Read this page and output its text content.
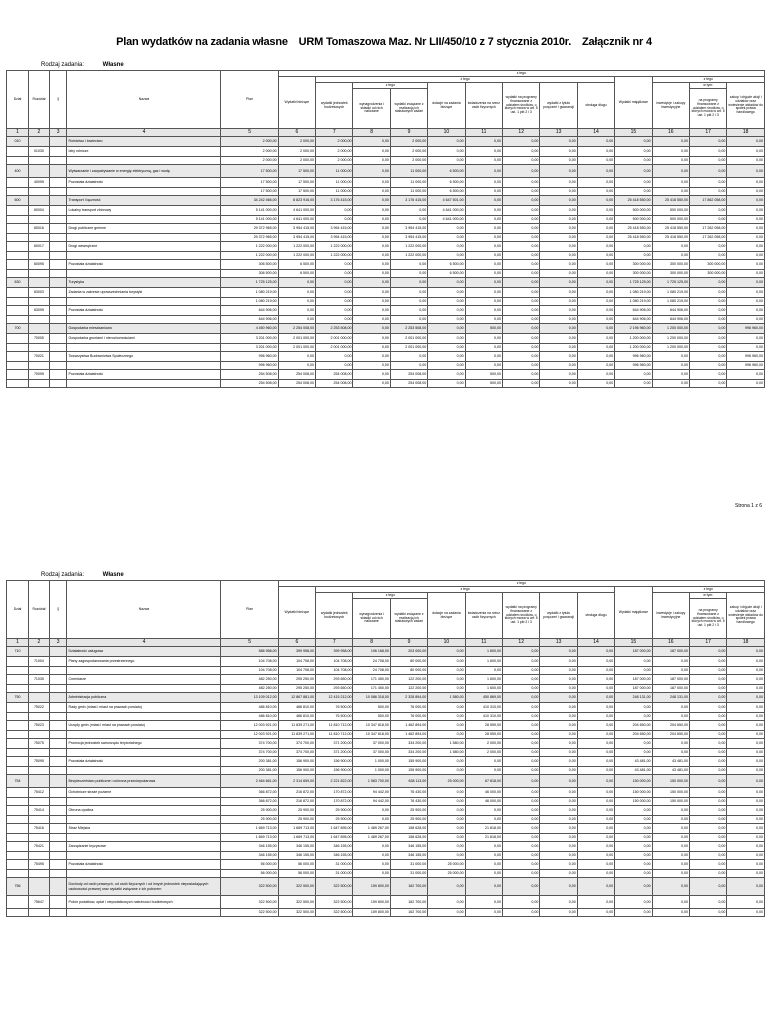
Plan wydatków na zadania własne URM Tomaszowa Maz. Nr LII/450/10 z 7 stycznia 2010r. Załącznik nr 4
Rodzaj zadania:	Własne
Dział	Rozdział	§	Nazwa	Plan	z tego												
					Wydatki bieżące	z tego								Wydatki majątkowe	z tego		
						wydatki jednostek budżetowych	z tego		dotacje na zadania bieżące	świadczenia na rzecz osób fizycznych	wydatki na programy finansowane z udziałem środków, o których mowa w art. 5 ust. 1 pkt 2 i 3	wydatki z tytułu poręczeń i gwarancji	obsługa długu		inwestycje i zakupy inwestycyjne	w tym:	zakup i objęcie akcji i udziałów oraz wniesienie wkładów do spółek prawa handlowego
							wynagrodzenia i składki od nich naliczane	wydatki związane z realizacją ich statutowych zadań								na programy finansowane z udziałem środków, o których mowa w art. 5 ust. 1 pkt 2 i 3	
1	2	3	4	5	6	7	8	9	10	11	12	13	14	15	16	17	18
010			Rolnictwo i łowiectwo	2 000,00	2 000,00	2 000,00	0,00	2 000,00	0,00	0,00	0,00	0,00	0,00	0,00	0,00	0,00	0,00
	01030		Izby rolnicze	2 000,00	2 000,00	2 000,00	0,00	2 000,00	0,00	0,00	0,00	0,00	0,00	0,00	0,00	0,00	0,00
				2 000,00	2 000,00	2 000,00	0,00	2 000,00	0,00	0,00	0,00	0,00	0,00	0,00	0,00	0,00	0,00
400			Wytwarzanie i zaopatrywanie w energię elektryczną, gaz i wodę	17 500,00	17 500,00	11 000,00	0,00	11 000,00	6 500,00	0,00	0,00	0,00	0,00	0,00	0,00	0,00	0,00
	40095		Pozostała działalność	17 500,00	17 500,00	11 000,00	0,00	11 000,00	6 500,00	0,00	0,00	0,00	0,00	0,00	0,00	0,00	0,00
				17 500,00	17 500,00	11 000,00	0,00	11 000,00	6 500,00	0,00	0,00	0,00	0,00	0,00	0,00	0,00	0,00
600			Transport i łączność	34 242 466,00	8 823 916,00	3 176 415,00	0,00	3 176 415,00	4 647 501,00	0,00	0,00	0,00	0,00	25 418 550,00	25 418 550,00	17 862 058,00	0,00
	60004		Lokalny transport zbiorowy	5 141 000,00	4 641 000,00	0,00	0,00	0,00	4 641 000,00	0,00	0,00	0,00	0,00	500 000,00	500 000,00	0,00	0,00
				5 141 000,00	4 641 000,00	0,00	0,00	0,00	4 641 000,00	0,00	0,00	0,00	0,00	500 000,00	500 000,00	0,00	0,00
	60016		Drogi publiczne gminne	29 372 965,00	3 954 415,00	3 954 415,00	0,00	3 954 415,00	0,00	0,00	0,00	0,00	0,00	25 418 550,00	25 418 550,00	17 262 058,00	0,00
				29 372 965,00	3 954 415,00	3 954 415,00	0,00	3 954 415,00	0,00	0,00	0,00	0,00	0,00	25 418 550,00	25 418 550,00	17 262 058,00	0,00
	60017		Drogi wewnętrzne	1 222 000,00	1 222 000,00	1 222 000,00	0,00	1 222 000,00	0,00	0,00	0,00	0,00	0,00	0,00	0,00	0,00	0,00
				1 222 000,00	1 222 000,00	1 222 000,00	0,00	1 222 000,00	0,00	0,00	0,00	0,00	0,00	0,00	0,00	0,00	0,00
	60095		Pozostała działalność	306 500,00	6 500,00	0,00	0,00	0,00	6 500,00	0,00	0,00	0,00	0,00	300 000,00	300 000,00	300 000,00	0,00
				306 500,00	6 500,00	0,00	0,00	0,00	6 500,00	0,00	0,00	0,00	0,00	300 000,00	300 000,00	300 000,00	0,00
630			Turystyka	1 725 125,00	0,00	0,00	0,00	0,00	0,00	0,00	0,00	0,00	0,00	1 725 125,00	1 725 125,00	0,00	0,00
	63003		Zadania w zakresie upowszechniania turystyki	1 080 219,00	0,00	0,00	0,00	0,00	0,00	0,00	0,00	0,00	0,00	1 080 219,00	1 080 219,00	0,00	0,00
				1 080 219,00	0,00	0,00	0,00	0,00	0,00	0,00	0,00	0,00	0,00	1 080 219,00	1 080 219,00	0,00	0,00
	63095		Pozostała działalność	644 906,00	0,00	0,00	0,00	0,00	0,00	0,00	0,00	0,00	0,00	644 906,00	644 906,00	0,00	0,00
				644 906,00	0,00	0,00	0,00	0,00	0,00	0,00	0,00	0,00	0,00	644 906,00	644 906,00	0,00	0,00
700			Gospodarka mieszkaniowa	4 450 960,00	2 254 008,00	2 253 508,00	0,00	2 253 508,00	0,00	500,00	0,00	0,00	0,00	2 196 960,00	1 200 000,00	0,00	996 960,00
	70005		Gospodarka gruntami i nieruchomościami	3 201 000,00	2 001 000,00	2 001 000,00	0,00	2 001 000,00	0,00	0,00	0,00	0,00	0,00	1 200 000,00	1 200 000,00	0,00	0,00
				3 201 000,00	2 001 000,00	2 001 000,00	0,00	2 001 000,00	0,00	0,00	0,00	0,00	0,00	1 200 000,00	1 200 000,00	0,00	0,00
	70021		Towarzystwa Budownictwa Społecznego	996 960,00	0,00	0,00	0,00	0,00	0,00	0,00	0,00	0,00	0,00	996 960,00	0,00	0,00	996 960,00
				996 960,00	0,00	0,00	0,00	0,00	0,00	0,00	0,00	0,00	0,00	996 960,00	0,00	0,00	996 960,00
	70095		Pozostała działalność	254 508,00	254 008,00	254 008,00	0,00	254 008,00	0,00	500,00	0,00	0,00	0,00	0,00	0,00	0,00	0,00
				254 508,00	254 008,00	254 008,00	0,00	254 008,00	0,00	500,00	0,00	0,00	0,00	0,00	0,00	0,00	0,00
Strona 1 z 6
Rodzaj zadania:	Własne
Dział	Rozdział	§	Nazwa	Plan	z tego												
					Wydatki bieżące	z tego								Wydatki majątkowe	z tego		
						wydatki jednostek budżetowych	z tego		dotacje na zadania bieżące	świadczenia na rzecz osób fizycznych	wydatki na programy finansowane z udziałem środków, o których mowa w art. 5 ust. 1 pkt 2 i 3	wydatki z tytułu poręczeń i gwarancji	obsługa długu		inwestycje i zakupy inwestycyjne	w tym:	zakup i objęcie akcji i udziałów oraz wniesienie wkładów do spółek prawa handlowego
							wynagrodzenia i składki od nich naliczane	wydatki związane z realizacją ich statutowych zadań								na programy finansowane z udziałem środków, o których mowa w art. 5 ust. 1 pkt 2 i 3	
1	2	3	4	5	6	7	8	9	10	11	12	13	14	15	16	17	18
710			Działalność usługowa	586 958,00	399 958,00	399 958,00	196 168,00	203 000,00	0,00	1 600,00	0,00	0,00	0,00	187 000,00	187 000,00	0,00	0,00
	71004		Plany zagospodarowania przestrzennego	104 708,00	104 708,00	104 708,00	24 708,00	80 000,00	0,00	1 600,00	0,00	0,00	0,00	0,00	0,00	0,00	0,00
				104 708,00	104 708,00	104 708,00	24 708,00	80 000,00	0,00	0,00	0,00	0,00	0,00	0,00	0,00	0,00	0,00
	71035		Cmentarze	482 250,00	295 250,00	293 650,00	171 450,00	122 200,00	0,00	1 600,00	0,00	0,00	0,00	187 000,00	187 000,00	0,00	0,00
				482 250,00	295 250,00	293 650,00	171 450,00	122 200,00	0,00	1 600,00	0,00	0,00	0,00	187 000,00	187 000,00	0,00	0,00
750			Administracja publiczna	13 109 012,00	12 867 881,00	12 415 212,00	10 086 318,00	2 328 894,00	1 580,00	450 869,00	0,00	0,00	0,00	248 131,00	248 131,00	0,00	0,00
	75022		Rady gmin (miast i miast na prawach powiatu)	486 810,00	486 810,00	76 500,00	500,00	76 000,00	0,00	410 310,00	0,00	0,00	0,00	0,00	0,00	0,00	0,00
				486 810,00	486 810,00	76 500,00	500,00	76 000,00	0,00	410 310,00	0,00	0,00	0,00	0,00	0,00	0,00	0,00
	75023		Urzędy gmin (miast i miast na prawach powiatu)	12 003 921,00	11 839 271,00	11 810 712,00	10 347 818,00	1 462 894,00	0,00	28 559,00	0,00	0,00	0,00	204 650,00	204 650,00	0,00	0,00
				12 003 921,00	11 839 271,00	11 810 712,00	10 347 818,00	1 462 894,00	0,00	28 559,00	0,00	0,00	0,00	204 650,00	204 650,00	0,00	0,00
	75075		Promocja jednostek samorządu terytorialnego	374 700,00	374 700,00	371 200,00	37 000,00	334 200,00	1 580,00	2 000,00	0,00	0,00	0,00	0,00	0,00	0,00	0,00
				374 700,00	374 700,00	371 200,00	37 000,00	334 200,00	1 580,00	2 000,00	0,00	0,00	0,00	0,00	0,00	0,00	0,00
	75095		Pozostała działalność	200 381,00	156 900,00	156 900,00	1 000,00	155 900,00	0,00	0,00	0,00	0,00	0,00	43 481,00	43 481,00	0,00	0,00
				200 381,00	156 900,00	156 900,00	1 000,00	155 900,00	0,00	0,00	0,00	0,00	0,00	43 481,00	43 481,00	0,00	0,00
754			Bezpieczeństwo publiczne i ochrona przeciwpożarowa	2 464 661,00	2 314 659,00	2 221 822,00	1 583 700,00	638 113,00	25 000,00	67 818,00	0,00	0,00	0,00	150 000,00	150 000,00	0,00	0,00
	75412		Ochotnicze straże pożarne	366 872,00	216 872,00	170 872,00	94 442,00	76 430,00	0,00	46 000,00	0,00	0,00	0,00	150 000,00	150 000,00	0,00	0,00
				366 872,00	216 872,00	170 872,00	94 442,00	76 430,00	0,00	46 000,00	0,00	0,00	0,00	150 000,00	150 000,00	0,00	0,00
	75414		Obrona cywilna	25 900,00	25 900,00	25 900,00	0,00	25 900,00	0,00	0,00	0,00	0,00	0,00	0,00	0,00	0,00	0,00
				25 900,00	25 900,00	25 900,00	0,00	25 900,00	0,00	0,00	0,00	0,00	0,00	0,00	0,00	0,00	0,00
	75416		Straż Miejska	1 669 713,00	1 669 713,00	1 647 895,00	1 489 267,00	158 628,00	0,00	21 818,00	0,00	0,00	0,00	0,00	0,00	0,00	0,00
				1 669 713,00	1 669 713,00	1 647 895,00	1 489 267,00	158 628,00	0,00	21 818,00	0,00	0,00	0,00	0,00	0,00	0,00	0,00
	75421		Zarządzanie kryzysowe	346 155,00	346 155,00	346 155,00	0,00	346 155,00	0,00	0,00	0,00	0,00	0,00	0,00	0,00	0,00	0,00
				346 155,00	346 155,00	346 155,00	0,00	346 155,00	0,00	0,00	0,00	0,00	0,00	0,00	0,00	0,00	0,00
	75495		Pozostała działalność	56 000,00	56 000,00	31 000,00	0,00	31 000,00	25 000,00	0,00	0,00	0,00	0,00	0,00	0,00	0,00	0,00
				56 000,00	56 000,00	31 000,00	0,00	31 000,00	25 000,00	0,00	0,00	0,00	0,00	0,00	0,00	0,00	0,00
756			Dochody od osób prawnych, od osób fizycznych i od innych jednostek nieposiadających osobowości prawnej oraz wydatki związane z ich poborem	322 500,00	322 500,00	322 500,00	159 800,00	162 700,00	0,00	0,00	0,00	0,00	0,00	0,00	0,00	0,00	0,00
	75647		Pobór podatków, opłat i niepodatkowych należności budżetowych	322 500,00	322 500,00	322 500,00	159 800,00	162 700,00	0,00	0,00	0,00	0,00	0,00	0,00	0,00	0,00	0,00
				322 500,00	322 500,00	322 500,00	159 800,00	162 700,00	0,00	0,00	0,00	0,00	0,00	0,00	0,00	0,00	0,00
